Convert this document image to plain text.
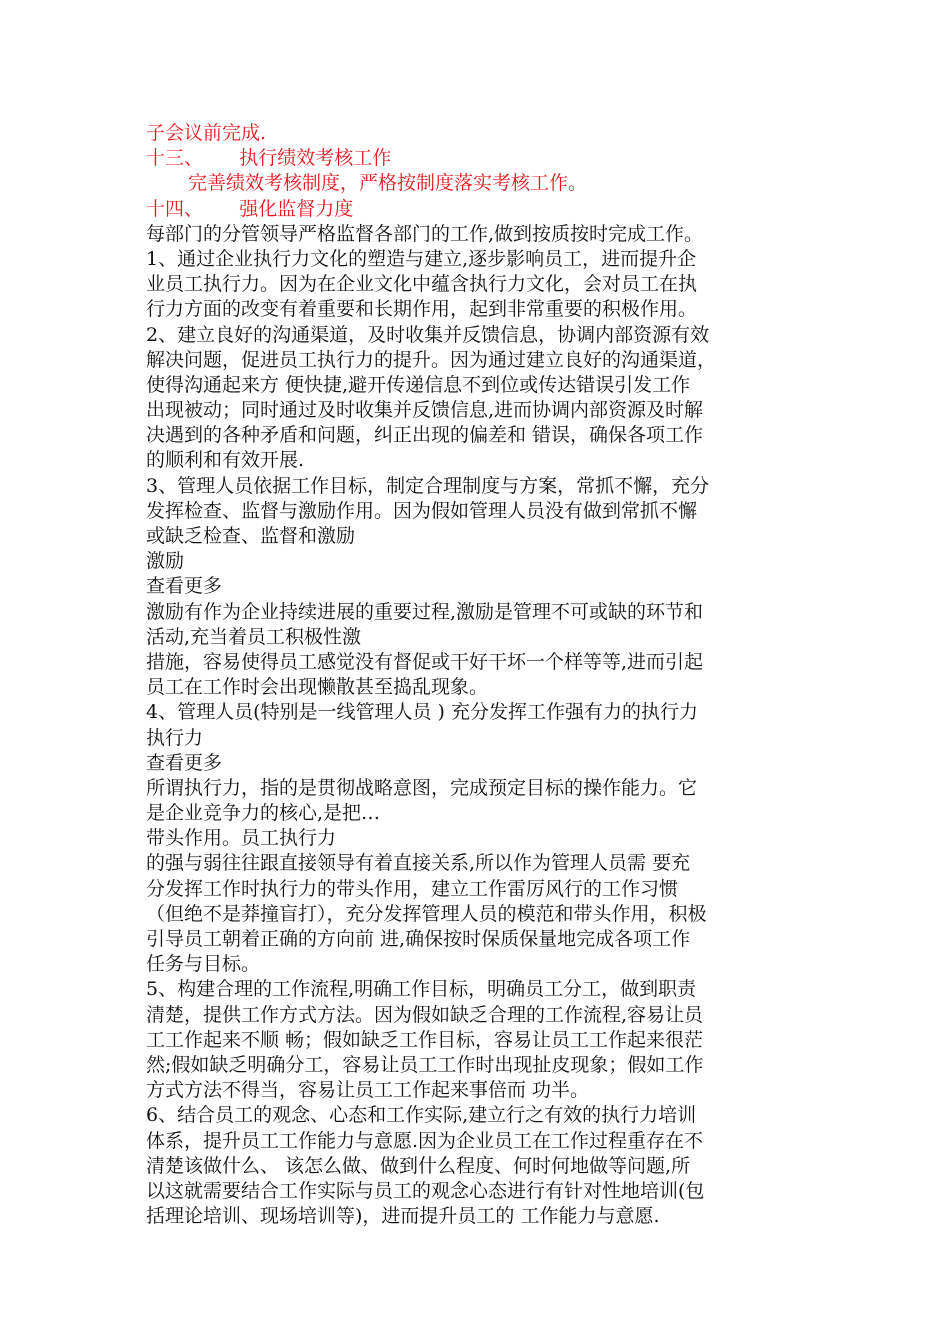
子会议前完成.
十三、      执行绩效考核工作
完善绩效考核制度，严格按制度落实考核工作。
十四、      强化监督力度
每部门的分管领导严格监督各部门的工作,做到按质按时完成工作。
1、通过企业执行力文化的塑造与建立,逐步影响员工，进而提升企
业员工执行力。因为在企业文化中蕴含执行力文化，会对员工在执
行力方面的改变有着重要和长期作用，起到非常重要的积极作用。
2、建立良好的沟通渠道，及时收集并反馈信息，协调内部资源有效
解决问题，促进员工执行力的提升。因为通过建立良好的沟通渠道，
使得沟通起来方 便快捷,避开传递信息不到位或传达错误引发工作
出现被动；同时通过及时收集并反馈信息,进而协调内部资源及时解
决遇到的各种矛盾和问题，纠正出现的偏差和 错误，确保各项工作
的顺利和有效开展.
3、管理人员依据工作目标，制定合理制度与方案，常抓不懈，充分
发挥检查、监督与激励作用。因为假如管理人员没有做到常抓不懈
或缺乏检查、监督和激励
激励
查看更多
激励有作为企业持续进展的重要过程,激励是管理不可或缺的环节和
活动,充当着员工积极性激
措施，容易使得员工感觉没有督促或干好干坏一个样等等,进而引起
员工在工作时会出现懒散甚至捣乱现象。
4、管理人员(特别是一线管理人员 ) 充分发挥工作强有力的执行力
执行力
查看更多
所谓执行力，指的是贯彻战略意图，完成预定目标的操作能力。它
是企业竞争力的核心,是把…
带头作用。员工执行力
的强与弱往往跟直接领导有着直接关系,所以作为管理人员需 要充
分发挥工作时执行力的带头作用，建立工作雷厉风行的工作习惯
（但绝不是莽撞盲打），充分发挥管理人员的模范和带头作用，积极
引导员工朝着正确的方向前 进,确保按时保质保量地完成各项工作
任务与目标。
5、构建合理的工作流程,明确工作目标，明确员工分工，做到职责
清楚，提供工作方式方法。因为假如缺乏合理的工作流程,容易让员
工工作起来不顺 畅；假如缺乏工作目标，容易让员工工作起来很茫
然;假如缺乏明确分工，容易让员工工作时出现扯皮现象；假如工作
方式方法不得当，容易让员工工作起来事倍而 功半。
6、结合员工的观念、心态和工作实际,建立行之有效的执行力培训
体系，提升员工工作能力与意愿.因为企业员工在工作过程重存在不
清楚该做什么、 该怎么做、做到什么程度、何时何地做等问题,所
以这就需要结合工作实际与员工的观念心态进行有针对性地培训(包
括理论培训、现场培训等)，进而提升员工的 工作能力与意愿.
